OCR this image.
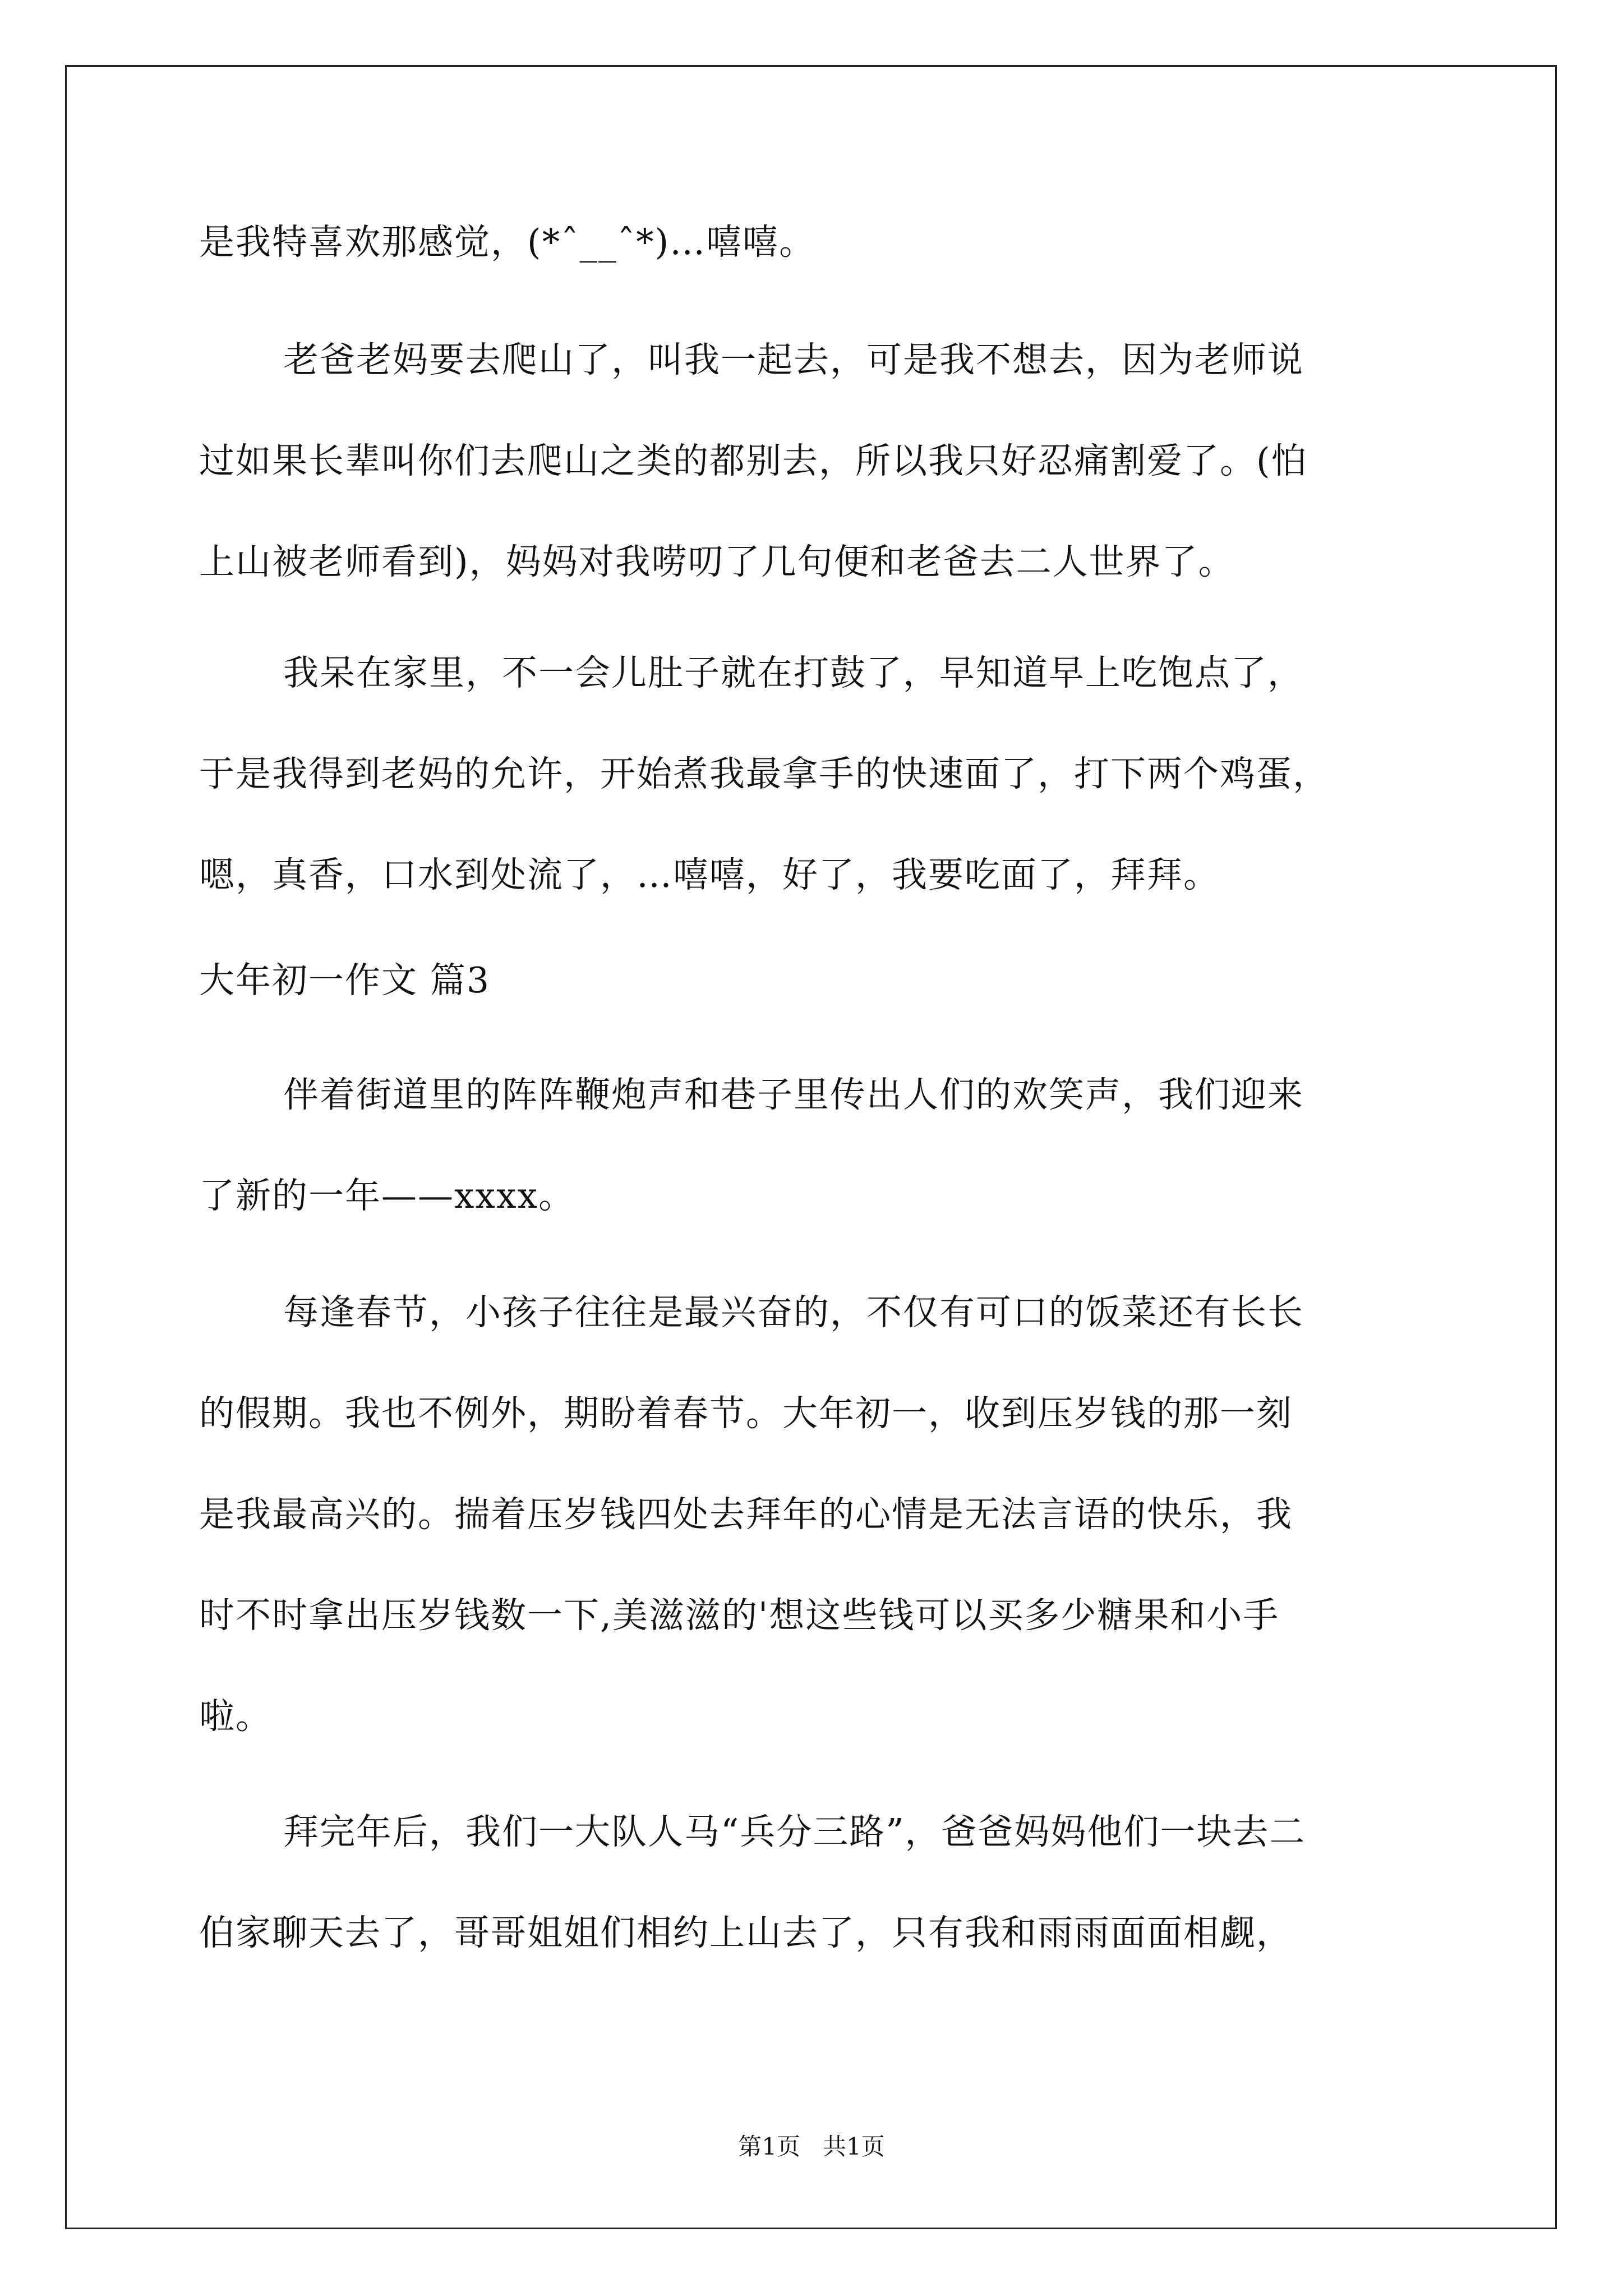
是我特喜欢那感觉，(*ˆ__ˆ*)…嘻嘻。
老爸老妈要去爬山了，叫我一起去，可是我不想去，因为老师说
过如果长辈叫你们去爬山之类的都别去，所以我只好忍痛割爱了。(怕
上山被老师看到)，妈妈对我唠叨了几句便和老爸去二人世界了。
我呆在家里，不一会儿肚子就在打鼓了，早知道早上吃饱点了，
于是我得到老妈的允许，开始煮我最拿手的快速面了，打下两个鸡蛋，
嗯，真香，口水到处流了，…嘻嘻，好了，我要吃面了，拜拜。
大年初一作文 篇3
伴着街道里的阵阵鞭炮声和巷子里传出人们的欢笑声，我们迎来
了新的一年——xxxx。
每逢春节，小孩子往往是最兴奋的，不仅有可口的饭菜还有长长
的假期。我也不例外，期盼着春节。大年初一，收到压岁钱的那一刻
是我最高兴的。揣着压岁钱四处去拜年的心情是无法言语的快乐，我
时不时拿出压岁钱数一下,美滋滋的'想这些钱可以买多少糖果和小手
啦。
拜完年后，我们一大队人马“兵分三路”，爸爸妈妈他们一块去二
伯家聊天去了，哥哥姐姐们相约上山去了，只有我和雨雨面面相觑，
第1页   共1页
